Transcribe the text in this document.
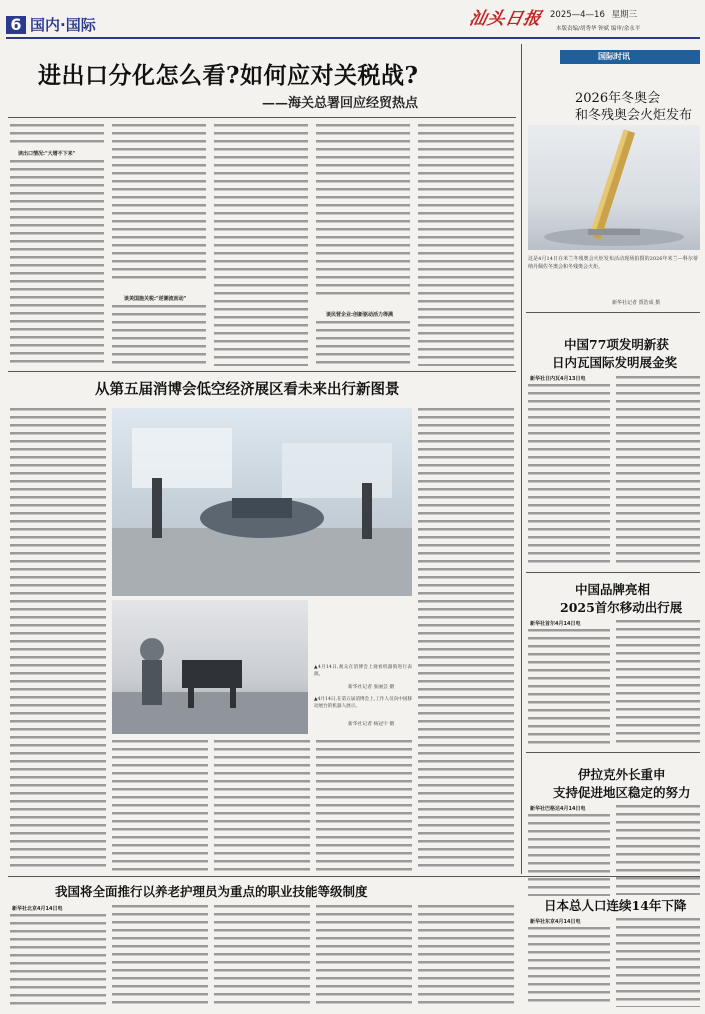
6 国内·国际	汕头日报 2025—4—16 星期三
本版责编/胡秀华 钟斌 编审/余永平
进出口分化怎么看?如何应对关税战?
——海关总署回应经贸热点
读出口情况:"大增不下来"
谈美国施关税:"逆潮流而动"
谈民营企业:创新驱动活力得满
国际时讯
2026年冬奥会
和冬残奥会火炬发布
这是4月14日在米兰冬残奥会火炬发布活动现场拍摄的2026年米兰—科尔蒂纳丹佩佐冬奥会和冬残奥会火炬。
新华社记者 贾浩成 摄
中国77项发明新获
日内瓦国际发明展金奖
新华社日内瓦4月13日电
中国品牌亮相
2025首尔移动出行展
新华社首尔4月14日电
伊拉克外长重申
支持促进地区稳定的努力
新华社巴格达4月14日电
从第五届消博会低空经济展区看未来出行新图景
▲4月14日,观众在消博会上观看机器狗进行表演。
新华社记者 张丽芸 摄
▲4月14日,在第五届消博会上,工作人员向中国移动展台的机器人展示。
新华社记者 杨冠宇 摄
我国将全面推行以养老护理员为重点的职业技能等级制度
新华社北京4月14日电	日本总人口连续14年下降
新华社东京4月14日电
